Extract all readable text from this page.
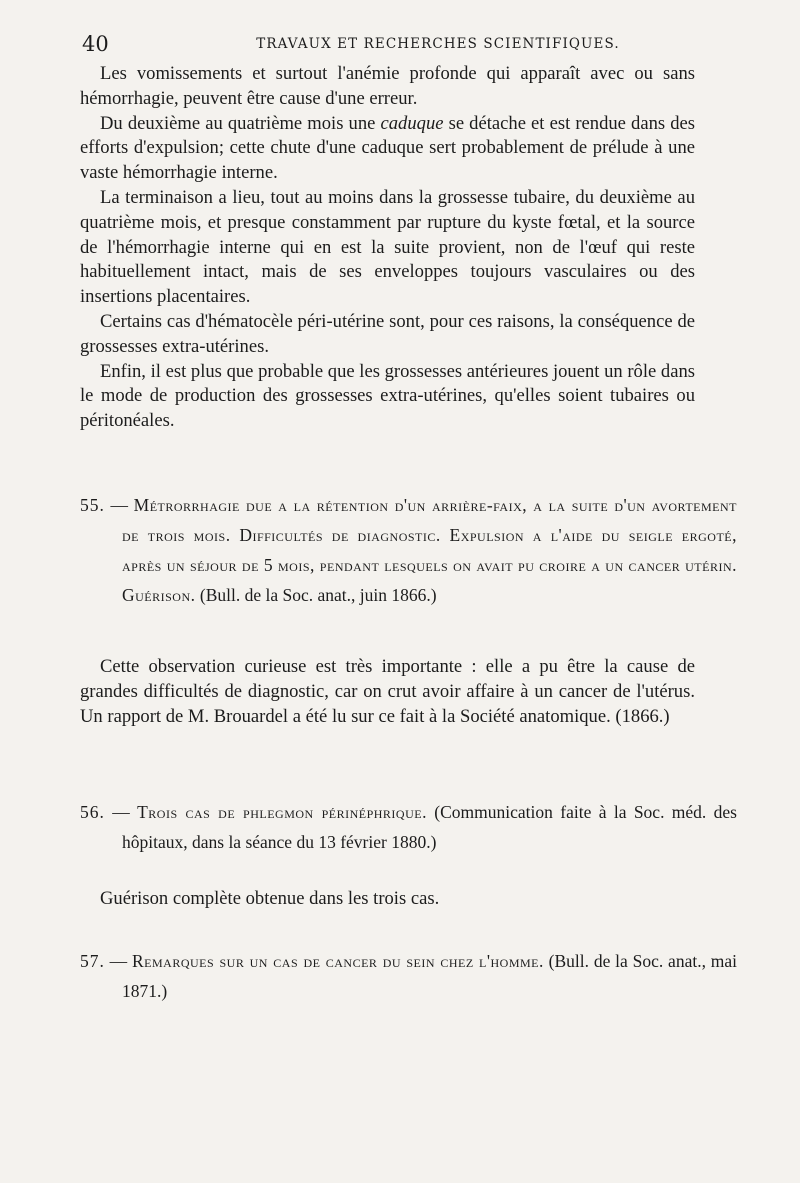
40	TRAVAUX ET RECHERCHES SCIENTIFIQUES.

Les vomissements et surtout l'anémie profonde qui apparaît avec ou sans hémorrhagie, peuvent être cause d'une erreur.

Du deuxième au quatrième mois une caduque se détache et est rendue dans des efforts d'expulsion; cette chute d'une caduque sert probablement de prélude à une vaste hémorrhagie interne.

La terminaison a lieu, tout au moins dans la grossesse tubaire, du deuxième au quatrième mois, et presque constamment par rupture du kyste fœtal, et la source de l'hémorrhagie interne qui en est la suite provient, non de l'œuf qui reste habituellement intact, mais de ses enveloppes toujours vasculaires ou des insertions placentaires.

Certains cas d'hématocèle péri-utérine sont, pour ces raisons, la conséquence de grossesses extra-utérines.

Enfin, il est plus que probable que les grossesses antérieures jouent un rôle dans le mode de production des grossesses extra-utérines, qu'elles soient tubaires ou péritonéales.

55. — Métrorrhagie due a la rétention d'un arrière-faix, a la suite d'un avortement de trois mois. Difficultés de diagnostic. Expulsion a l'aide du seigle ergoté, après un séjour de 5 mois, pendant lesquels on avait pu croire a un cancer utérin. Guérison. (Bull. de la Soc. anat., juin 1866.)

Cette observation curieuse est très importante : elle a pu être la cause de grandes difficultés de diagnostic, car on crut avoir affaire à un cancer de l'utérus. Un rapport de M. Brouardel a été lu sur ce fait à la Société anatomique. (1866.)

56. — Trois cas de phlegmon périnéphrique. (Communication faite à la Soc. méd. des hôpitaux, dans la séance du 13 février 1880.)

Guérison complète obtenue dans les trois cas.

57. — Remarques sur un cas de cancer du sein chez l'homme. (Bull. de la Soc. anat., mai 1871.)
